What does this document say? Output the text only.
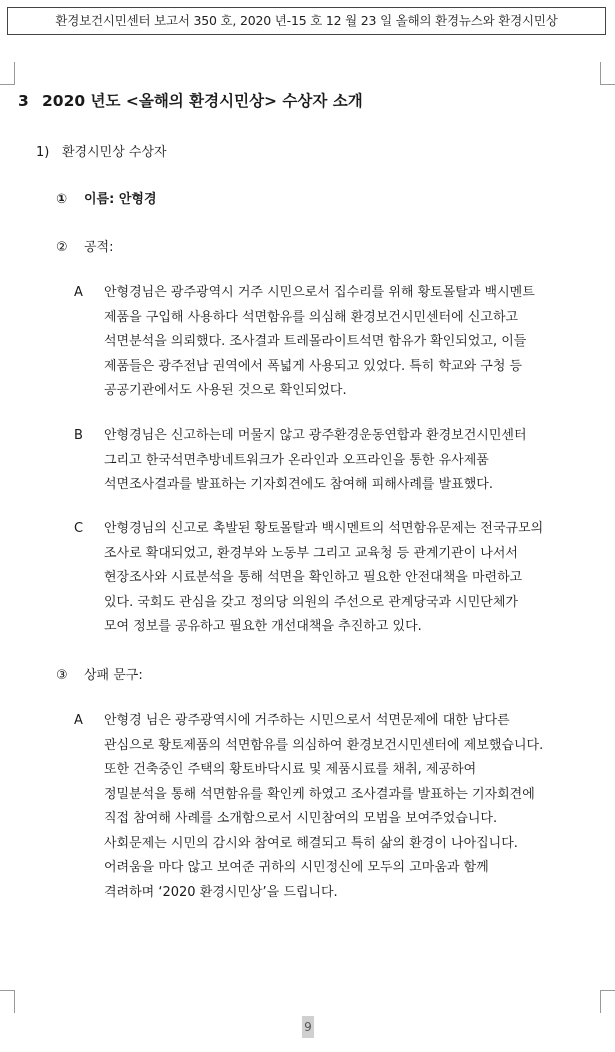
환경보건시민센터 보고서 350 호, 2020 년-15 호 12 월 23 일 올해의 환경뉴스와 환경시민상
3 2020 년도 <올해의 환경시민상> 수상자 소개
1) 환경시민상 수상자
① 이름: 안형경
② 공적:
A 안형경님은 광주광역시 거주 시민으로서 집수리를 위해 황토몰탈과 백시멘트
제품을 구입해 사용하다 석면함유를 의심해 환경보건시민센터에 신고하고
석면분석을 의뢰했다. 조사결과 트레몰라이트석면 함유가 확인되었고, 이들
제품들은 광주전남 권역에서 폭넓게 사용되고 있었다. 특히 학교와 구청 등
공공기관에서도 사용된 것으로 확인되었다.
B 안형경님은 신고하는데 머물지 않고 광주환경운동연합과 환경보건시민센터
그리고 한국석면추방네트워크가 온라인과 오프라인을 통한 유사제품
석면조사결과를 발표하는 기자회견에도 참여해 피해사례를 발표했다.
C 안형경님의 신고로 촉발된 황토몰탈과 백시멘트의 석면함유문제는 전국규모의
조사로 확대되었고, 환경부와 노동부 그리고 교육청 등 관계기관이 나서서
현장조사와 시료분석을 통해 석면을 확인하고 필요한 안전대책을 마련하고
있다. 국회도 관심을 갖고 정의당 의원의 주선으로 관계당국과 시민단체가
모여 정보를 공유하고 필요한 개선대책을 추진하고 있다.
③ 상패 문구:
A 안형경 님은 광주광역시에 거주하는 시민으로서 석면문제에 대한 남다른
관심으로 황토제품의 석면함유를 의심하여 환경보건시민센터에 제보했습니다.
또한 건축중인 주택의 황토바닥시료 및 제품시료를 채취, 제공하여
정밀분석을 통해 석면함유를 확인케 하였고 조사결과를 발표하는 기자회견에
직접 참여해 사례를 소개함으로서 시민참여의 모범을 보여주었습니다.
사회문제는 시민의 감시와 참여로 해결되고 특히 삶의 환경이 나아집니다.
어려움을 마다 않고 보여준 귀하의 시민정신에 모두의 고마움과 함께
격려하며 ‘2020 환경시민상’을 드립니다.
9
